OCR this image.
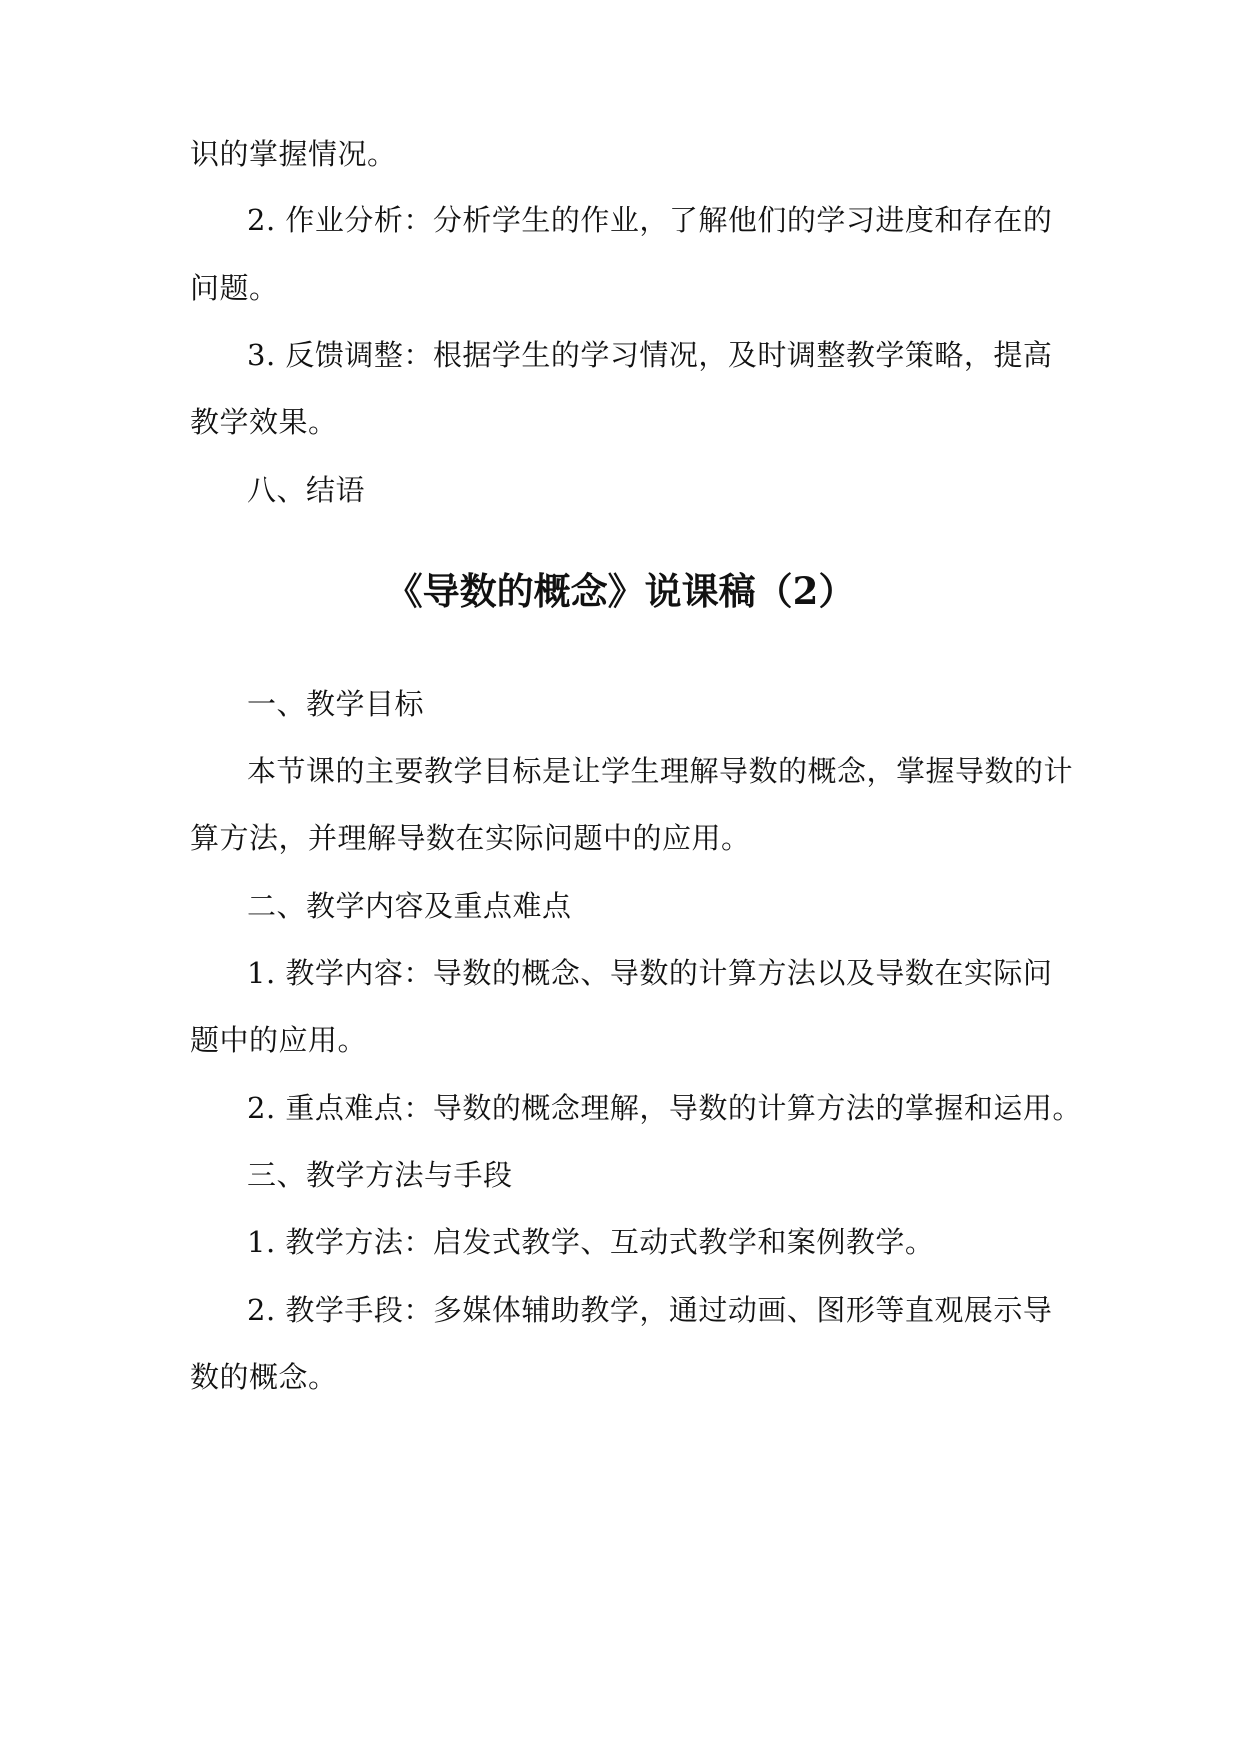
识的掌握情况。
2. 作业分析：分析学生的作业，了解他们的学习进度和存在的
问题。
3. 反馈调整：根据学生的学习情况，及时调整教学策略，提高
教学效果。
八、结语
《导数的概念》说课稿（2）
一、教学目标
本节课的主要教学目标是让学生理解导数的概念，掌握导数的计
算方法，并理解导数在实际问题中的应用。
二、教学内容及重点难点
1. 教学内容：导数的概念、导数的计算方法以及导数在实际问
题中的应用。
2. 重点难点：导数的概念理解，导数的计算方法的掌握和运用。
三、教学方法与手段
1. 教学方法：启发式教学、互动式教学和案例教学。
2. 教学手段：多媒体辅助教学，通过动画、图形等直观展示导
数的概念。
